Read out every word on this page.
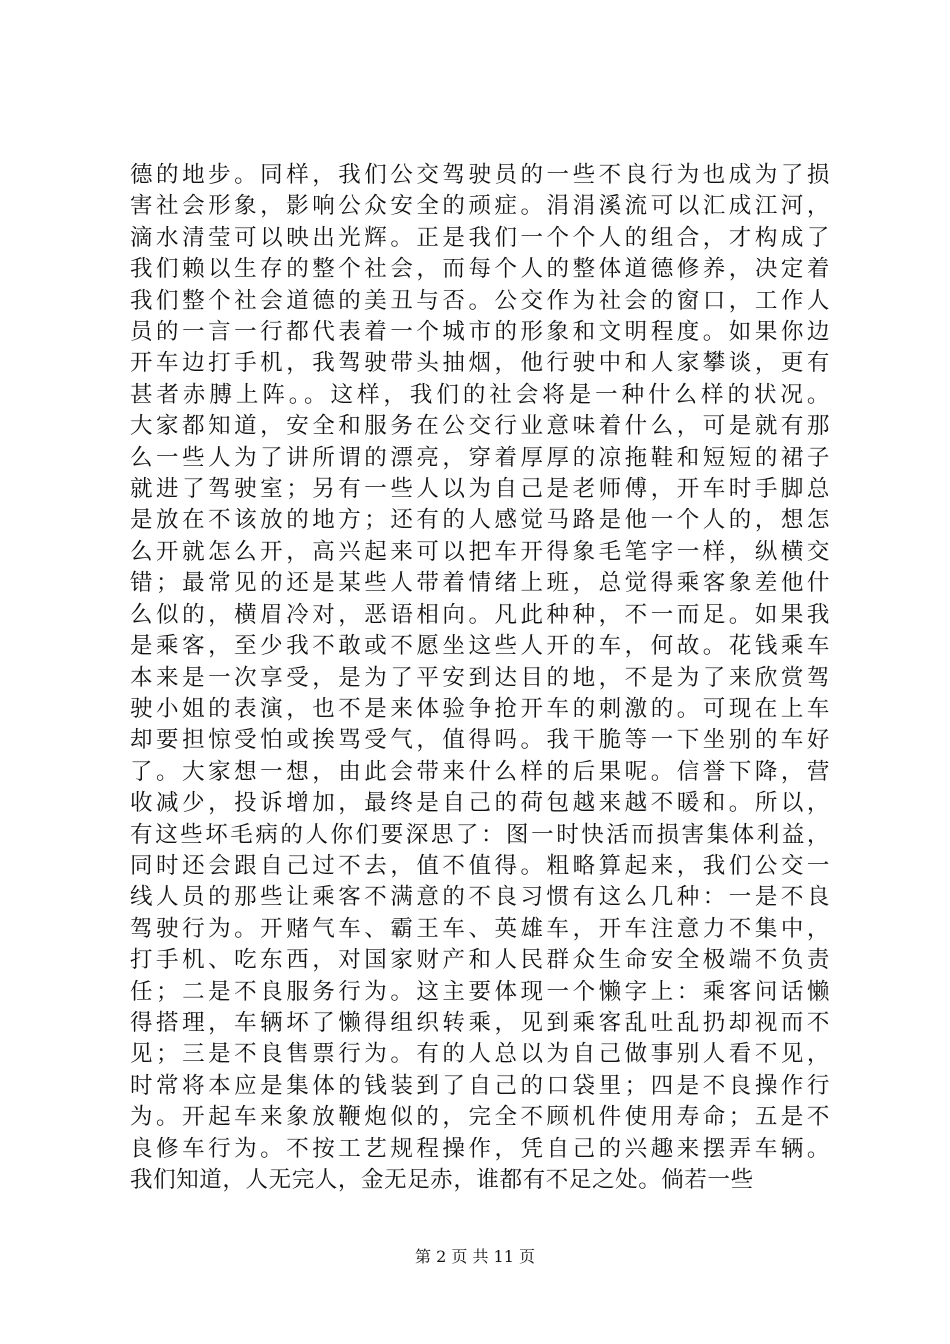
德的地步。同样，我们公交驾驶员的一些不良行为也成为了损
害社会形象，影响公众安全的顽症。涓涓溪流可以汇成江河，
滴水清莹可以映出光辉。正是我们一个个人的组合，才构成了
我们赖以生存的整个社会，而每个人的整体道德修养，决定着
我们整个社会道德的美丑与否。公交作为社会的窗口，工作人
员的一言一行都代表着一个城市的形象和文明程度。如果你边
开车边打手机，我驾驶带头抽烟，他行驶中和人家攀谈，更有
甚者赤膊上阵。。这样，我们的社会将是一种什么样的状况。
大家都知道，安全和服务在公交行业意味着什么，可是就有那
么一些人为了讲所谓的漂亮，穿着厚厚的凉拖鞋和短短的裙子
就进了驾驶室；另有一些人以为自己是老师傅，开车时手脚总
是放在不该放的地方；还有的人感觉马路是他一个人的，想怎
么开就怎么开，高兴起来可以把车开得象毛笔字一样，纵横交
错；最常见的还是某些人带着情绪上班，总觉得乘客象差他什
么似的，横眉冷对，恶语相向。凡此种种，不一而足。如果我
是乘客，至少我不敢或不愿坐这些人开的车，何故。花钱乘车
本来是一次享受，是为了平安到达目的地，不是为了来欣赏驾
驶小姐的表演，也不是来体验争抢开车的刺激的。可现在上车
却要担惊受怕或挨骂受气，值得吗。我干脆等一下坐别的车好
了。大家想一想，由此会带来什么样的后果呢。信誉下降，营
收减少，投诉增加，最终是自己的荷包越来越不暖和。所以，
有这些坏毛病的人你们要深思了：图一时快活而损害集体利益，
同时还会跟自己过不去，值不值得。粗略算起来，我们公交一
线人员的那些让乘客不满意的不良习惯有这么几种：一是不良
驾驶行为。开赌气车、霸王车、英雄车，开车注意力不集中，
打手机、吃东西，对国家财产和人民群众生命安全极端不负责
任；二是不良服务行为。这主要体现一个懒字上：乘客问话懒
得搭理，车辆坏了懒得组织转乘，见到乘客乱吐乱扔却视而不
见；三是不良售票行为。有的人总以为自己做事别人看不见，
时常将本应是集体的钱装到了自己的口袋里；四是不良操作行
为。开起车来象放鞭炮似的，完全不顾机件使用寿命；五是不
良修车行为。不按工艺规程操作，凭自己的兴趣来摆弄车辆。
我们知道，人无完人，金无足赤，谁都有不足之处。倘若一些
第 2 页 共 11 页
